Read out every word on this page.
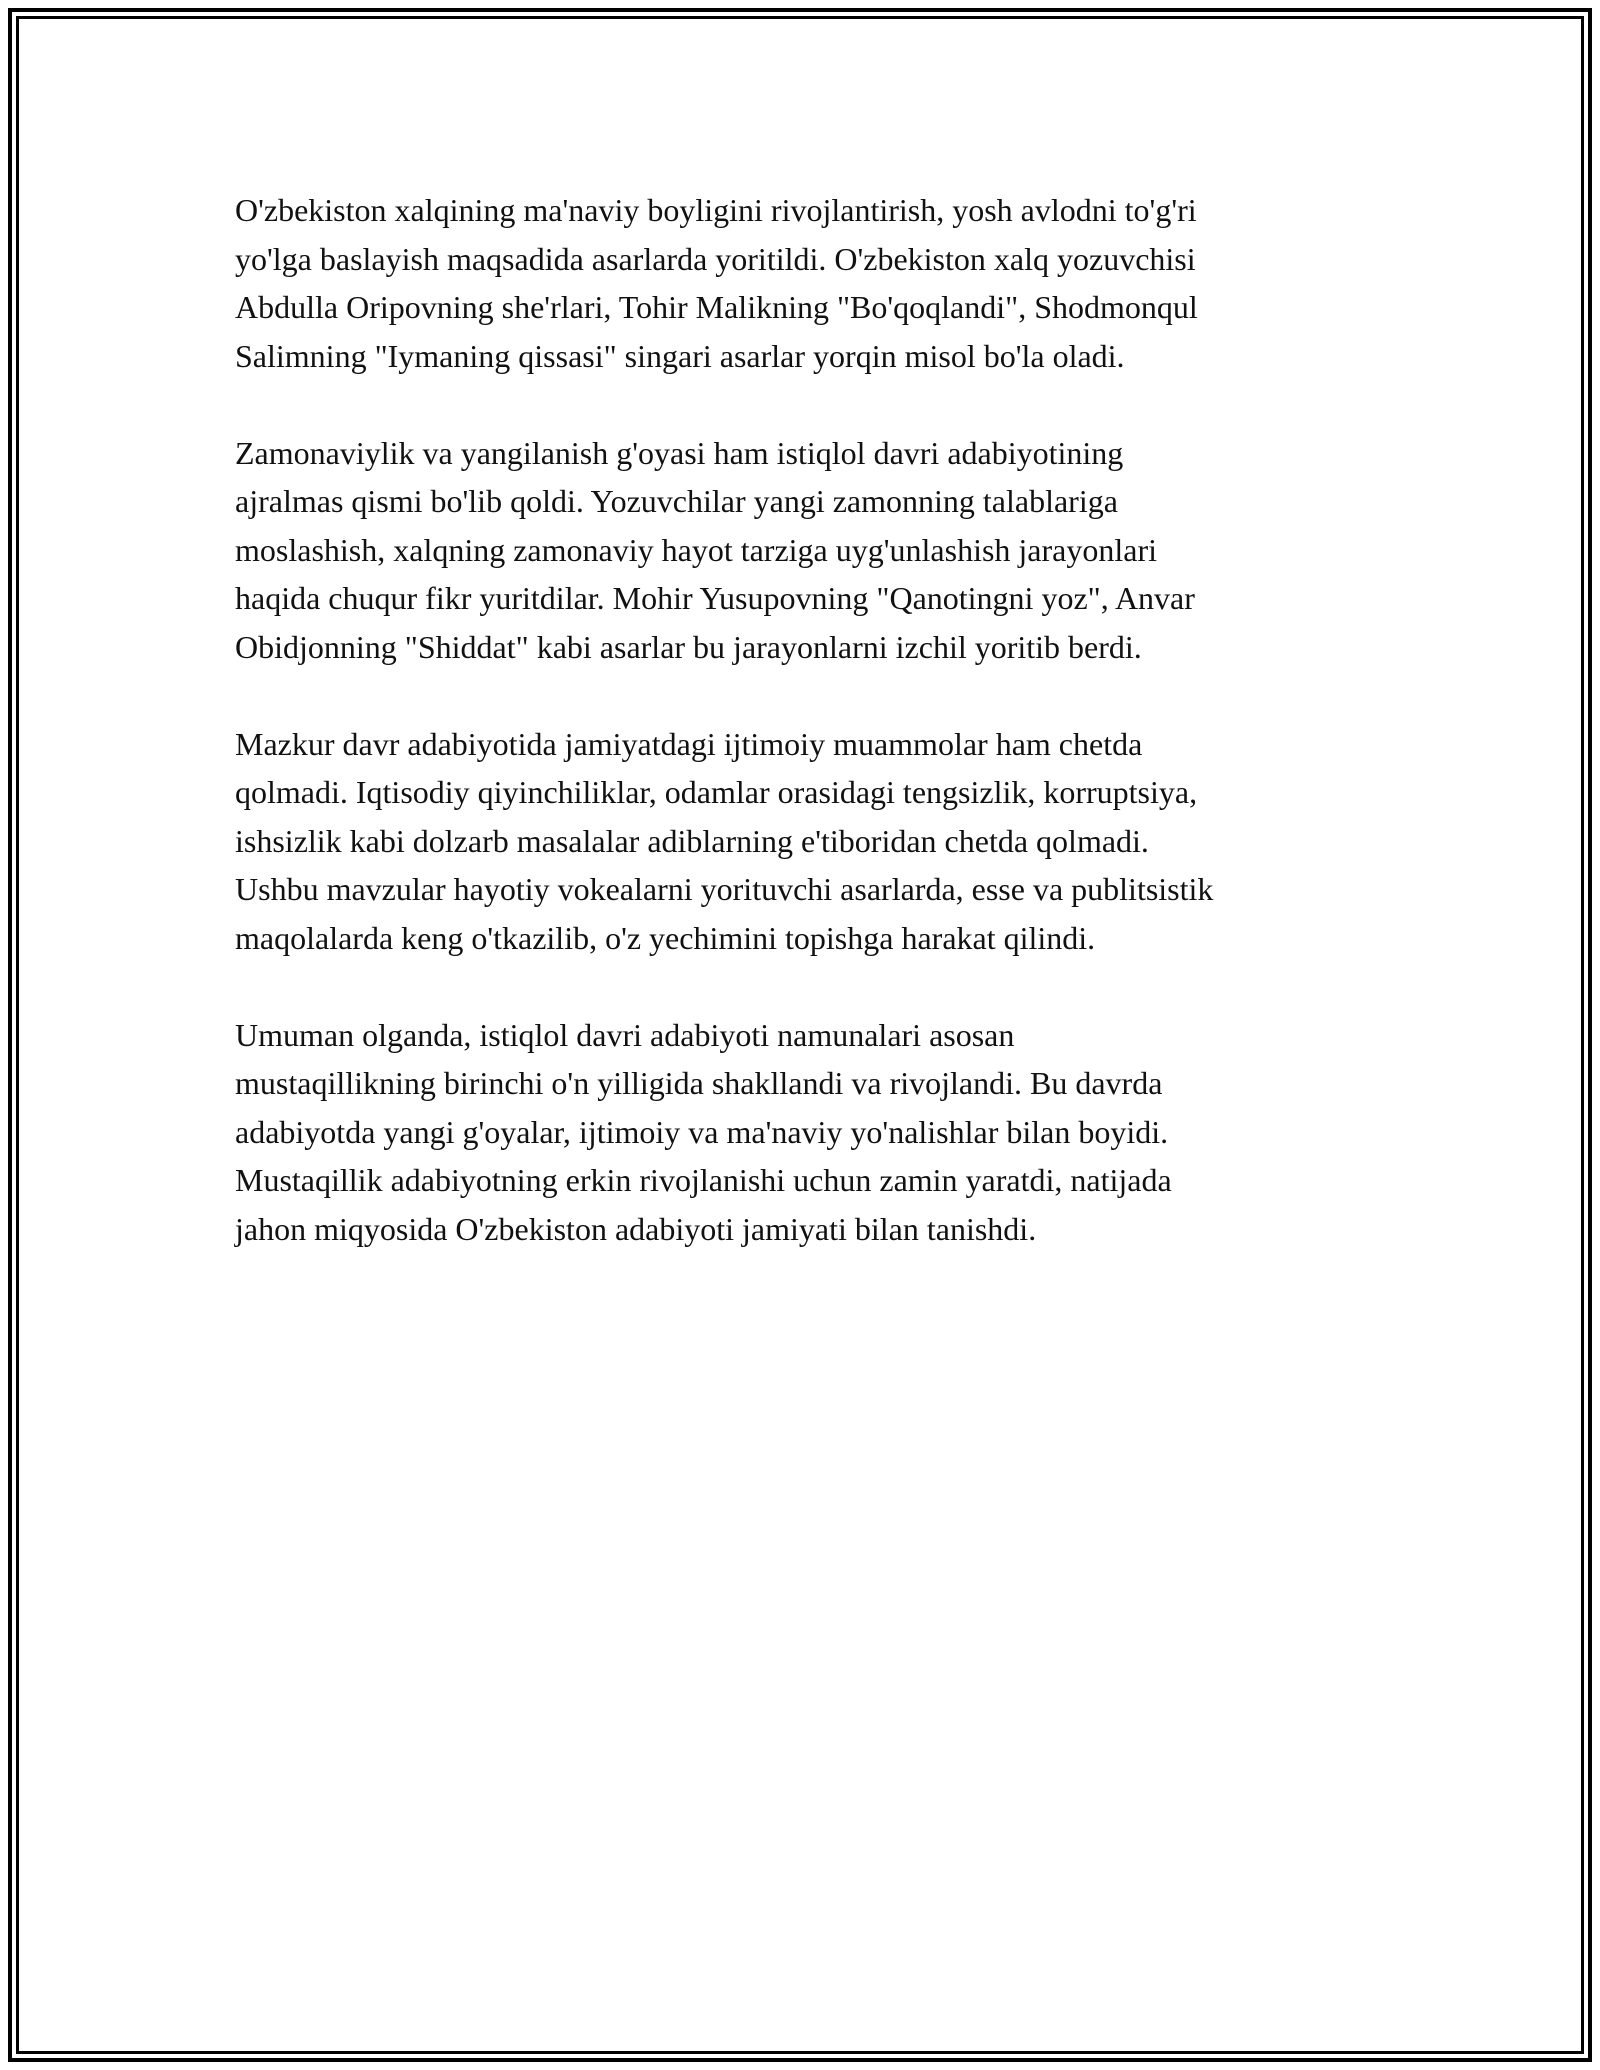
O'zbekiston xalqining ma'naviy boyligini rivojlantirish, yosh avlodni to'g'ri
yo'lga baslayish maqsadida asarlarda yoritildi. O'zbekiston xalq yozuvchisi
Abdulla Oripovning she'rlari, Tohir Malikning "Bo'qoqlandi", Shodmonqul
Salimning "Iymaning qissasi" singari asarlar yorqin misol bo'la oladi.

Zamonaviylik va yangilanish g'oyasi ham istiqlol davri adabiyotining
ajralmas qismi bo'lib qoldi. Yozuvchilar yangi zamonning talablariga
moslashish, xalqning zamonaviy hayot tarziga uyg'unlashish jarayonlari
haqida chuqur fikr yuritdilar. Mohir Yusupovning "Qanotingni yoz", Anvar
Obidjonning "Shiddat" kabi asarlar bu jarayonlarni izchil yoritib berdi.

Mazkur davr adabiyotida jamiyatdagi ijtimoiy muammolar ham chetda
qolmadi. Iqtisodiy qiyinchiliklar, odamlar orasidagi tengsizlik, korruptsiya,
ishsizlik kabi dolzarb masalalar adiblarning e'tiboridan chetda qolmadi.
Ushbu mavzular hayotiy vokealarni yorituvchi asarlarda, esse va publitsistik
maqolalarda keng o'tkazilib, o'z yechimini topishga harakat qilindi.

Umuman olganda, istiqlol davri adabiyoti namunalari asosan
mustaqillikning birinchi o'n yilligida shakllandi va rivojlandi. Bu davrda
adabiyotda yangi g'oyalar, ijtimoiy va ma'naviy yo'nalishlar bilan boyidi.
Mustaqillik adabiyotning erkin rivojlanishi uchun zamin yaratdi, natijada
jahon miqyosida O'zbekiston adabiyoti jamiyati bilan tanishdi.
